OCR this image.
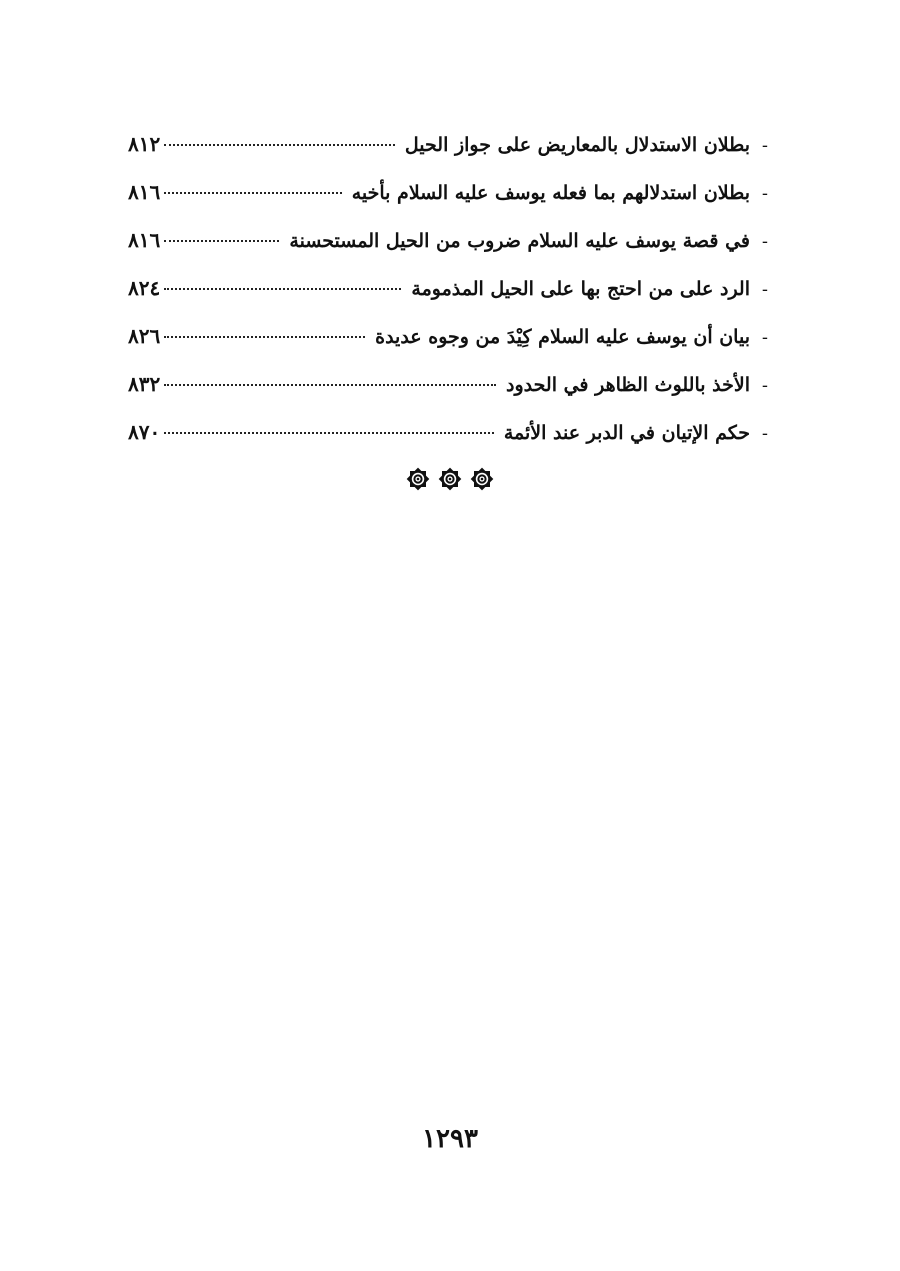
-
بطلان الاستدلال بالمعاريض على جواز الحيل
٨١٢
-
بطلان استدلالهم بما فعله يوسف عليه السلام بأخيه
٨١٦
-
في قصة يوسف عليه السلام ضروب من الحيل المستحسنة
٨١٦
-
الرد على من احتج بها على الحيل المذمومة
٨٢٤
-
بيان أن يوسف عليه السلام كِيْدَ من وجوه عديدة
٨٢٦
-
الأخذ باللوث الظاهر في الحدود
٨٣٢
-
حكم الإتيان في الدبر عند الأئمة
٨٧٠
١٢٩٣
